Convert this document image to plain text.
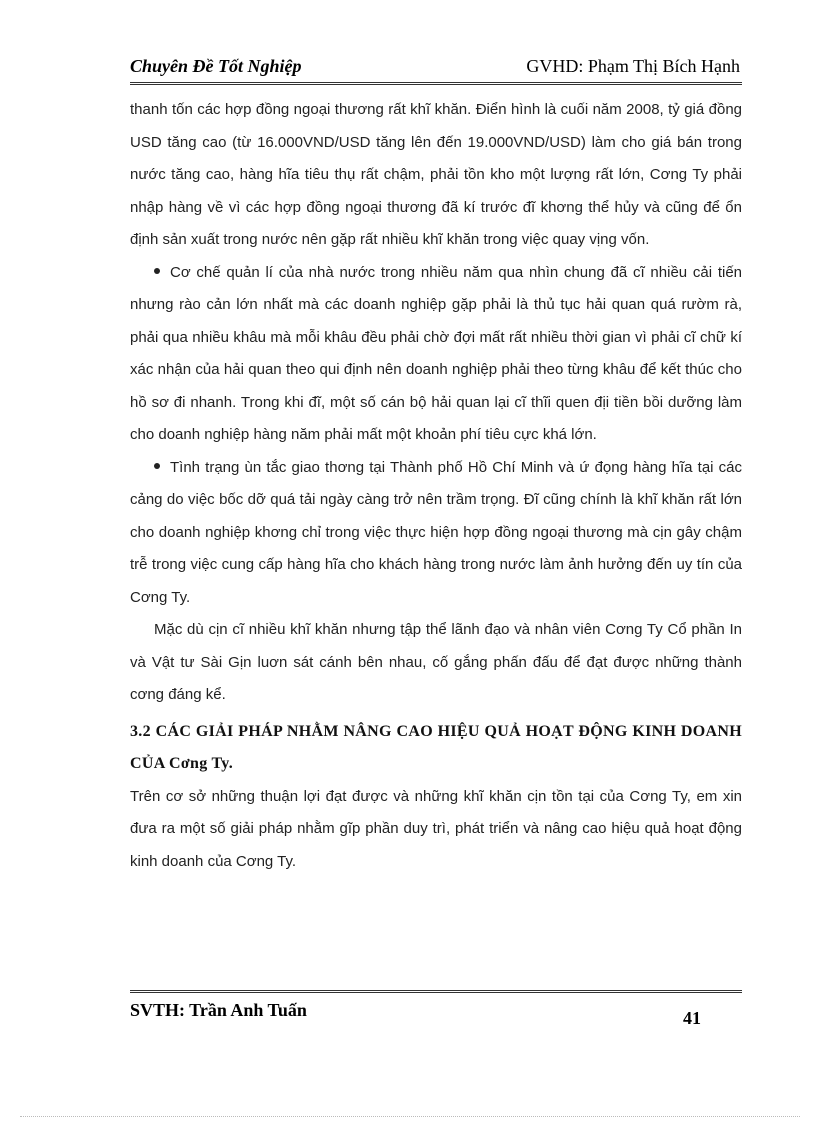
Chuyên Đề Tốt Nghiệp	GVHD: Phạm Thị Bích Hạnh

thanh tốn các hợp đồng ngoại thương rất khĩ khăn. Điển hình là cuối năm 2008, tỷ giá đồng USD tăng cao (từ 16.000VND/USD tăng lên đến 19.000VND/USD) làm cho giá bán trong nước tăng cao, hàng hĩa tiêu thụ rất chậm, phải tồn kho một lượng rất lớn, Cơng Ty phải nhập hàng về vì các hợp đồng ngoại thương đã kí trước đĩ khơng thể hủy và cũng để ổn định sản xuất trong nước nên gặp rất nhiều khĩ khăn trong việc quay vịng vốn.

Cơ chế quản lí của nhà nước trong nhiều năm qua nhìn chung đã cĩ nhiều cải tiến nhưng rào cản lớn nhất mà các doanh nghiệp gặp phải là thủ tục hải quan quá rườm rà, phải qua nhiều khâu mà mỗi khâu đều phải chờ đợi mất rất nhiều thời gian vì phải cĩ chữ kí xác nhận của hải quan theo qui định nên doanh nghiệp phải theo từng khâu để kết thúc cho hồ sơ đi nhanh. Trong khi đĩ, một số cán bộ hải quan lại cĩ thĩi quen địi tiền bồi dưỡng làm cho doanh nghiệp hàng năm phải mất một khoản phí tiêu cực khá lớn.

Tình trạng ùn tắc giao thơng tại Thành phố Hồ Chí Minh và ứ đọng hàng hĩa tại các cảng do việc bốc dỡ quá tải ngày càng trở nên trầm trọng. Đĩ cũng chính là khĩ khăn rất lớn cho doanh nghiệp khơng chỉ trong việc thực hiện hợp đồng ngoại thương mà cịn gây chậm trễ trong việc cung cấp hàng hĩa cho khách hàng trong nước làm ảnh hưởng đến uy tín của Cơng Ty.

Mặc dù cịn cĩ nhiều khĩ khăn nhưng tập thể lãnh đạo và nhân viên Cơng Ty Cổ phần In và Vật tư Sài Gịn luơn sát cánh bên nhau, cố gắng phấn đấu để đạt được những thành cơng đáng kể.

3.2 CÁC GIẢI PHÁP NHẰM NÂNG CAO HIỆU QUẢ HOẠT ĐỘNG KINH DOANH CỦA Cơng Ty.

Trên cơ sở những thuận lợi đạt được và những khĩ khăn cịn tồn tại của Cơng Ty, em xin đưa ra một số giải pháp nhằm gĩp phần duy trì, phát triển và nâng cao hiệu quả hoạt động kinh doanh của Cơng Ty.

SVTH: Trần Anh Tuấn	41
